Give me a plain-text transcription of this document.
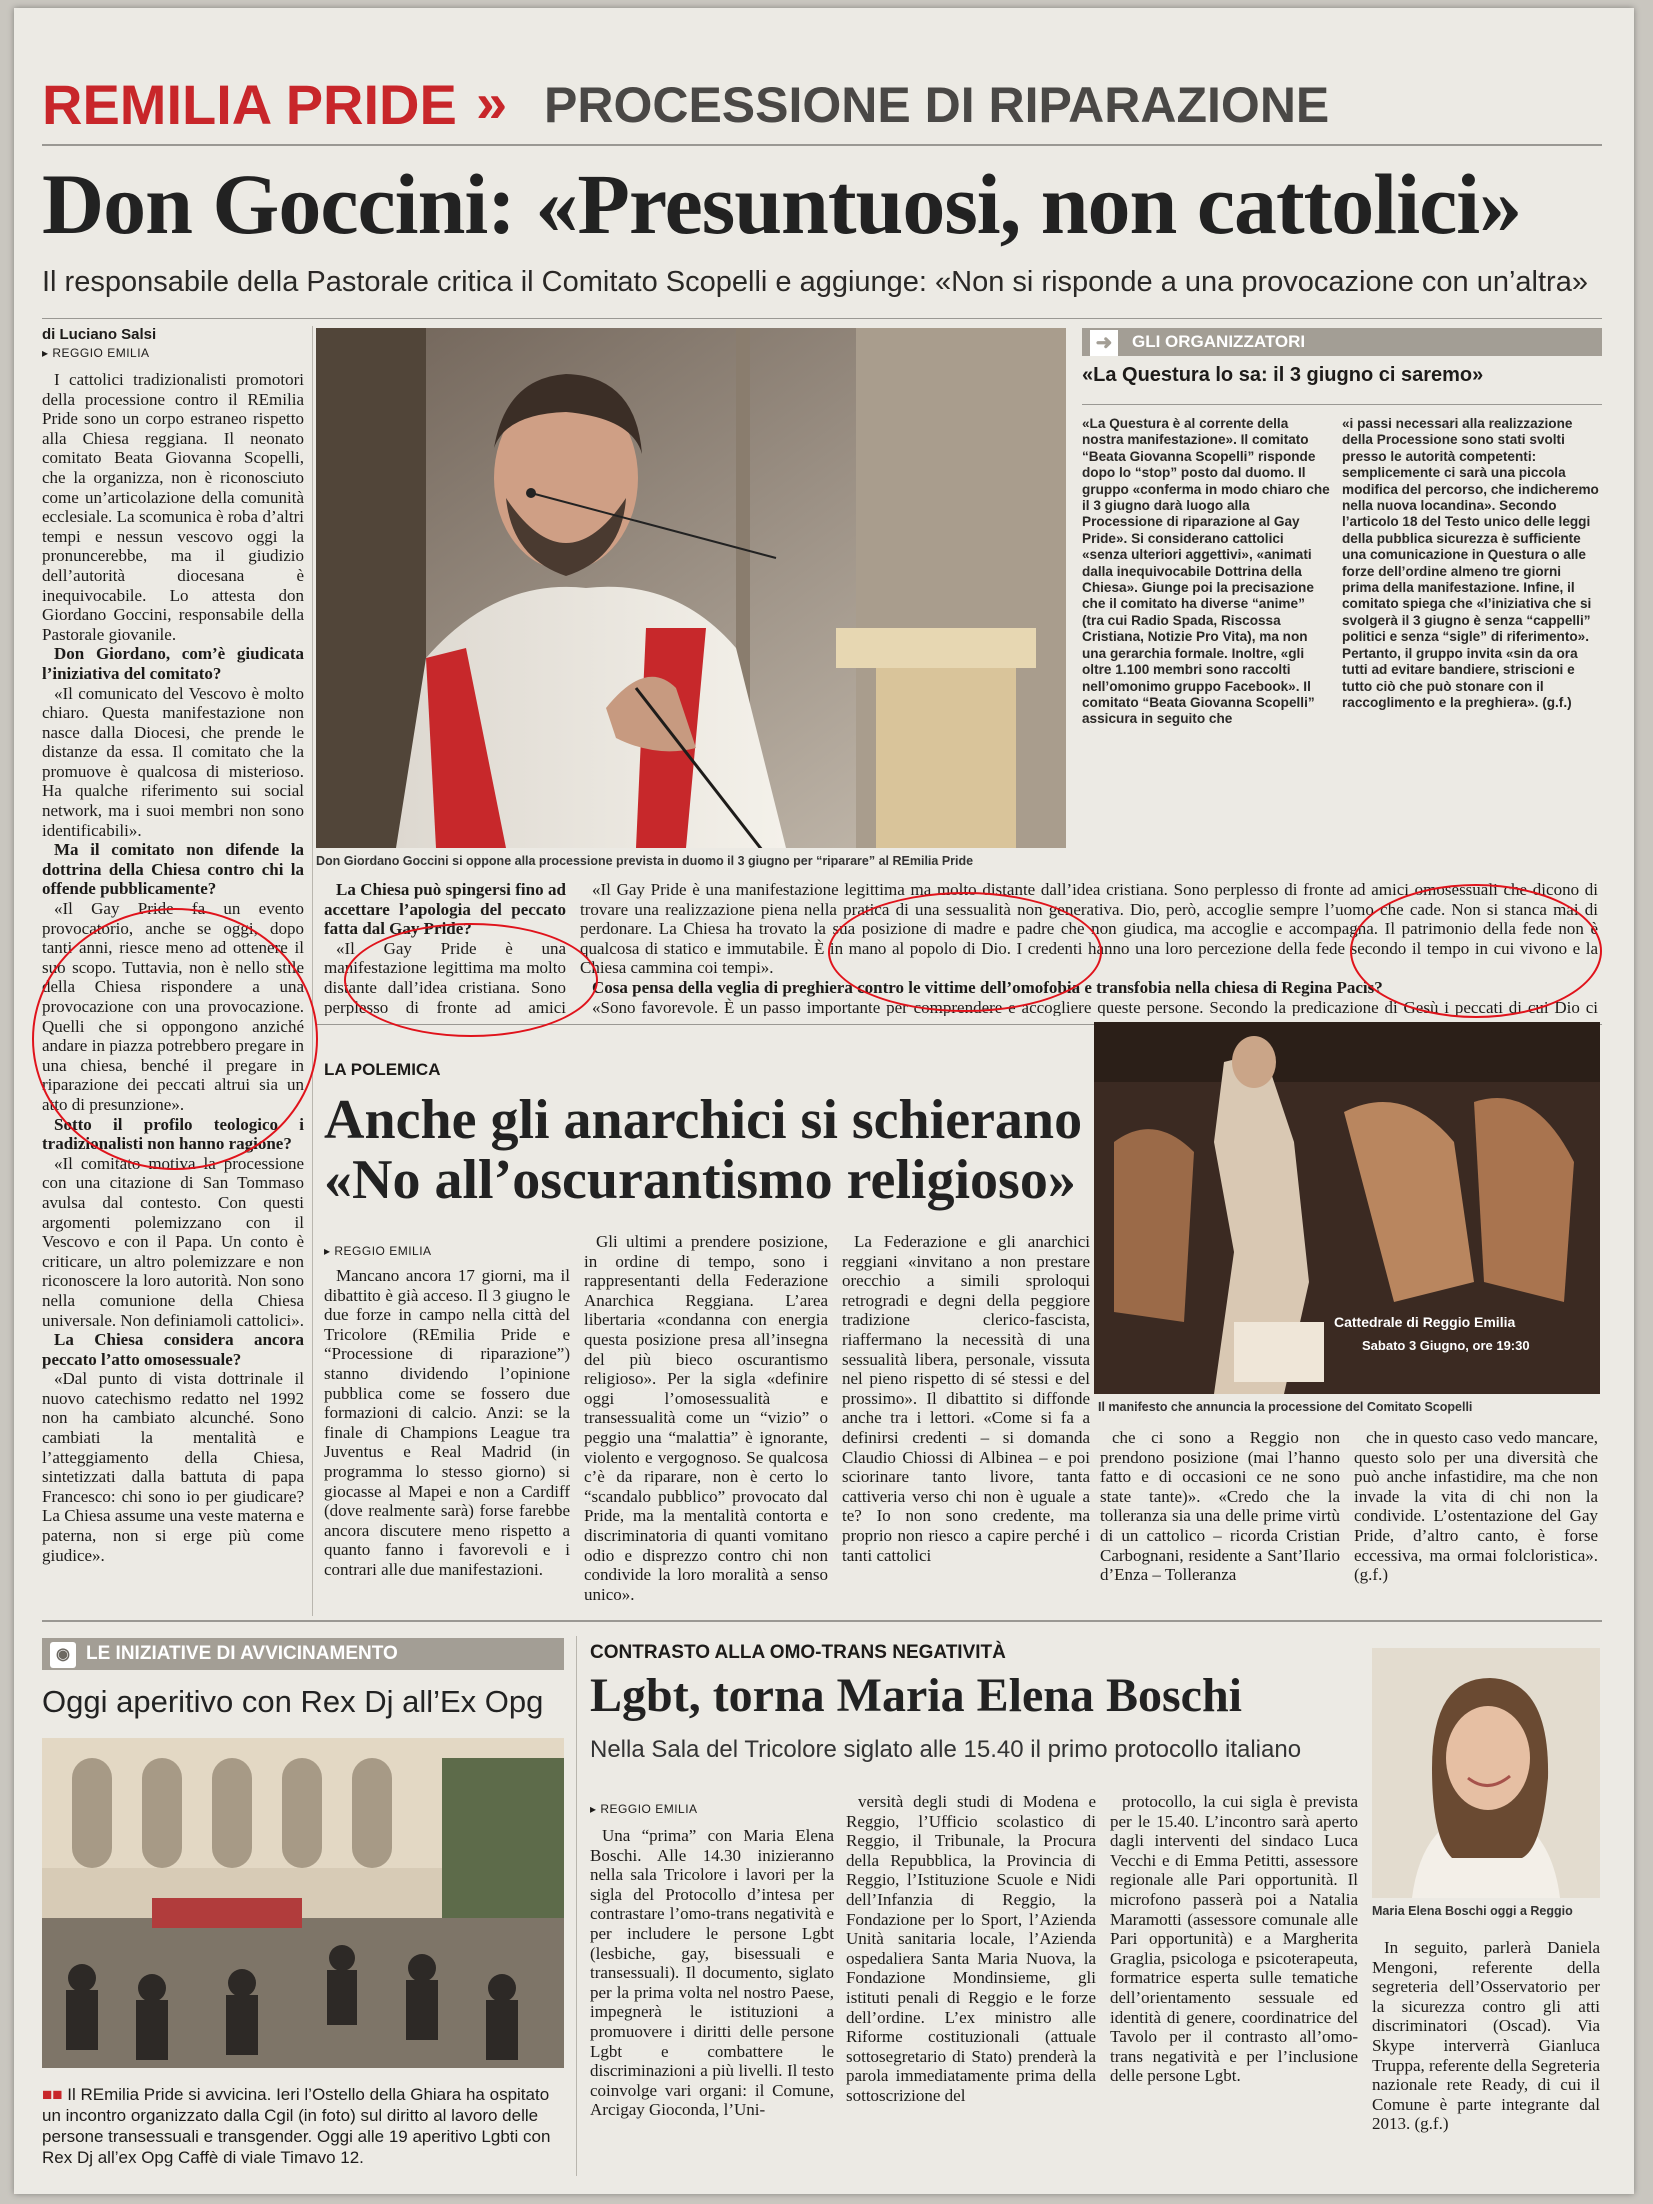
REMILIA PRIDE » PROCESSIONE DI RIPARAZIONE
Don Goccini: «Presuntuosi, non cattolici»
Il responsabile della Pastorale critica il Comitato Scopelli e aggiunge: «Non si risponde a una provocazione con un’altra»
di Luciano Salsi
▸ REGGIO EMILIA

I cattolici tradizionalisti promotori della processione contro il REmilia Pride sono un corpo estraneo rispetto alla Chiesa reggiana. Il neonato comitato Beata Giovanna Scopelli, che la organizza, non è riconosciuto come un’articolazione della comunità ecclesiale. La scomunica è roba d’altri tempi e nessun vescovo oggi la pronuncerebbe, ma il giudizio dell’autorità diocesana è inequivocabile. Lo attesta don Giordano Goccini, responsabile della Pastorale giovanile.

Don Giordano, com’è giudicata l’iniziativa del comitato?

«Il comunicato del Vescovo è molto chiaro. Questa manifestazione non nasce dalla Diocesi, che prende le distanze da essa. Il comitato che la promuove è qualcosa di misterioso. Ha qualche riferimento sui social network, ma i suoi membri non sono identificabili».

Ma il comitato non difende la dottrina della Chiesa contro chi la offende pubblicamente?

«Il Gay Pride fa un evento provocatorio, anche se oggi, dopo tanti anni, riesce meno ad ottenere il suo scopo. Tuttavia, non è nello stile della Chiesa rispondere a una provocazione con una provocazione. Quelli che si oppongono anziché andare in piazza potrebbero pregare in una chiesa, benché il pregare in riparazione dei peccati altrui sia un atto di presunzione».

Sotto il profilo teologico i tradizionalisti non hanno ragione?

«Il comitato motiva la processione con una citazione di San Tommaso avulsa dal contesto. Con questi argomenti polemizzano con il Vescovo e con il Papa. Un conto è criticare, un altro polemizzare e non riconoscere la loro autorità. Non sono nella comunione della Chiesa universale. Non definiamoli cattolici».

La Chiesa considera ancora peccato l’atto omosessuale?

«Dal punto di vista dottrinale il nuovo catechismo redatto nel 1992 non ha cambiato alcunché. Sono cambiati la mentalità e l’atteggiamento della Chiesa, sintetizzati dalla battuta di papa Francesco: chi sono io per giudicare? La Chiesa assume una veste materna e paterna, non si erge più come giudice».

Don Giordano Goccini si oppone alla processione prevista in duomo il 3 giugno per “riparare” al REmilia Pride
➜	GLI ORGANIZZATORI
«La Questura lo sa: il 3 giugno ci saremo»
«La Questura è al corrente della nostra manifestazione». Il comitato “Beata Giovanna Scopelli” risponde dopo lo “stop” posto dal duomo. Il gruppo «conferma in modo chiaro che il 3 giugno darà luogo alla Processione di riparazione al Gay Pride». Si considerano cattolici «senza ulteriori aggettivi», «animati dalla inequivocabile Dottrina della Chiesa». Giunge poi la precisazione che il comitato ha diverse “anime” (tra cui Radio Spada, Riscossa Cristiana, Notizie Pro Vita), ma non una gerarchia formale. Inoltre, «gli oltre 1.100 membri sono raccolti nell’omonimo gruppo Facebook». Il comitato “Beata Giovanna Scopelli” assicura in seguito che
«i passi necessari alla realizzazione della Processione sono stati svolti presso le autorità competenti: semplicemente ci sarà una piccola modifica del percorso, che indicheremo nella nuova locandina». Secondo l’articolo 18 del Testo unico delle leggi della pubblica sicurezza è sufficiente una comunicazione in Questura o alle forze dell’ordine almeno tre giorni prima della manifestazione. Infine, il comitato spiega che «l’iniziativa che si svolgerà il 3 giugno è senza “cappelli” politici e senza “sigle” di riferimento». Pertanto, il gruppo invita «sin da ora tutti ad evitare bandiere, striscioni e tutto ciò che può stonare con il raccoglimento e la preghiera». (g.f.)

La Chiesa può spingersi fino ad accettare l’apologia del peccato fatta dal Gay Pride?

«Il Gay Pride è una manifestazione legittima ma molto distante dall’idea cristiana. Sono perplesso di fronte ad amici

«Il Gay Pride è una manifestazione legittima ma molto distante dall’idea cristiana. Sono perplesso di fronte ad amici omosessuali che dicono di trovare una realizzazione piena nella pratica di una sessualità non generativa. Dio, però, accoglie sempre l’uomo che cade. Non si stanca mai di perdonare. La Chiesa ha trovato la sua posizione di madre e padre che non giudica, ma accoglie e accompagna. Il patrimonio della fede non è qualcosa di statico e immutabile. È in mano al popolo di Dio. I credenti hanno una loro percezione della fede secondo il tempo in cui vivono e la Chiesa cammina coi tempi».

Cosa pensa della veglia di preghiera contro le vittime dell’omofobia e transfobia nella chiesa di Regina Pacis?

«Sono favorevole. È un passo importante per comprendere e accogliere queste persone. Secondo la predicazione di Gesù i peccati di cui Dio ci

LA POLEMICA
Anche gli anarchici si schierano
«No all’oscurantismo religioso»
▸ REGGIO EMILIA

Mancano ancora 17 giorni, ma il dibattito è già acceso. Il 3 giugno le due forze in campo nella città del Tricolore (REmilia Pride e “Processione di riparazione”) stanno dividendo l’opinione pubblica come se fossero due formazioni di calcio. Anzi: se la finale di Champions League tra Juventus e Real Madrid (in programma lo stesso giorno) si giocasse al Mapei e non a Cardiff (dove realmente sarà) forse farebbe ancora discutere meno rispetto a quanto fanno i favorevoli e i contrari alle due manifestazioni.

Gli ultimi a prendere posizione, in ordine di tempo, sono i rappresentanti della Federazione Anarchica Reggiana. L’area libertaria «condanna con energia questa posizione presa all’insegna del più bieco oscurantismo religioso». Per la sigla «definire oggi l’omosessualità e transessualità come un “vizio” o peggio una “malattia” è ignorante, violento e vergognoso. Se qualcosa c’è da riparare, non è certo lo “scandalo pubblico” provocato dal Pride, ma la mentalità contorta e discriminatoria di quanti vomitano odio e disprezzo contro chi non condivide la loro moralità a senso unico».

La Federazione e gli anarchici reggiani «invitano a non prestare orecchio a simili sproloqui retrogradi e degni della peggiore tradizione clerico-fascista, riaffermano la necessità di una sessualità libera, personale, vissuta nel pieno rispetto di sé stessi e del prossimo». Il dibattito si diffonde anche tra i lettori. «Come si fa a definirsi credenti – si domanda Claudio Chiossi di Albinea – e poi sciorinare tanto livore, tanta cattiveria verso chi non è uguale a te? Io non sono credente, ma proprio non riesco a capire perché i tanti cattolici

che ci sono a Reggio non prendono posizione (mai l’hanno fatto e di occasioni ce ne sono state tante)». «Credo che la tolleranza sia una delle prime virtù di un cattolico – ricorda Cristian Carbognani, residente a Sant’Ilario d’Enza – Tolleranza

che in questo caso vedo mancare, questo solo per una diversità che può anche infastidire, ma che non invade la vita di chi non la condivide. L’ostentazione del Gay Pride, d’altro canto, è forse eccessiva, ma ormai folcloristica». (g.f.)

Cattedrale di Reggio Emilia
Sabato 3 Giugno, ore 19:30
Il manifesto che annuncia la processione del Comitato Scopelli
◉ LE INIZIATIVE DI AVVICINAMENTO
Oggi aperitivo con Rex Dj all’Ex Opg
■■ Il REmilia Pride si avvicina. Ieri l’Ostello della Ghiara ha ospitato un incontro organizzato dalla Cgil (in foto) sul diritto al lavoro delle persone transessuali e transgender. Oggi alle 19 aperitivo Lgbti con Rex Dj all’ex Opg Caffè di viale Timavo 12.
CONTRASTO ALLA OMO-TRANS NEGATIVITÀ
Lgbt, torna Maria Elena Boschi
Nella Sala del Tricolore siglato alle 15.40 il primo protocollo italiano
▸ REGGIO EMILIA

Una “prima” con Maria Elena Boschi. Alle 14.30 inizieranno nella sala Tricolore i lavori per la sigla del Protocollo d’intesa per contrastare l’omo-trans negatività e per includere le persone Lgbt (lesbiche, gay, bisessuali e transessuali). Il documento, siglato per la prima volta nel nostro Paese, impegnerà le istituzioni a promuovere i diritti delle persone Lgbt e combattere le discriminazioni a più livelli. Il testo coinvolge vari organi: il Comune, Arcigay Gioconda, l’Uni-

versità degli studi di Modena e Reggio, l’Ufficio scolastico di Reggio, il Tribunale, la Procura della Repubblica, la Provincia di Reggio, l’Istituzione Scuole e Nidi dell’Infanzia di Reggio, la Fondazione per lo Sport, l’Azienda Unità sanitaria locale, l’Azienda ospedaliera Santa Maria Nuova, la Fondazione Mondinsieme, gli istituti penali di Reggio e le forze dell’ordine. L’ex ministro alle Riforme costituzionali (attuale sottosegretario di Stato) prenderà la parola immediatamente prima della sottoscrizione del

protocollo, la cui sigla è prevista per le 15.40. L’incontro sarà aperto dagli interventi del sindaco Luca Vecchi e di Emma Petitti, assessore regionale alle Pari opportunità. Il microfono passerà poi a Natalia Maramotti (assessore comunale alle Pari opportunità) e a Margherita Graglia, psicologa e psicoterapeuta, formatrice esperta sulle tematiche dell’orientamento sessuale ed identità di genere, coordinatrice del Tavolo per il contrasto all’omo-trans negatività e per l’inclusione delle persone Lgbt.

Maria Elena Boschi oggi a Reggio

In seguito, parlerà Daniela Mengoni, referente della segreteria dell’Osservatorio per la sicurezza contro gli atti discriminatori (Oscad). Via Skype interverrà Gianluca Truppa, referente della Segreteria nazionale rete Ready, di cui il Comune è parte integrante dal 2013. (g.f.)
